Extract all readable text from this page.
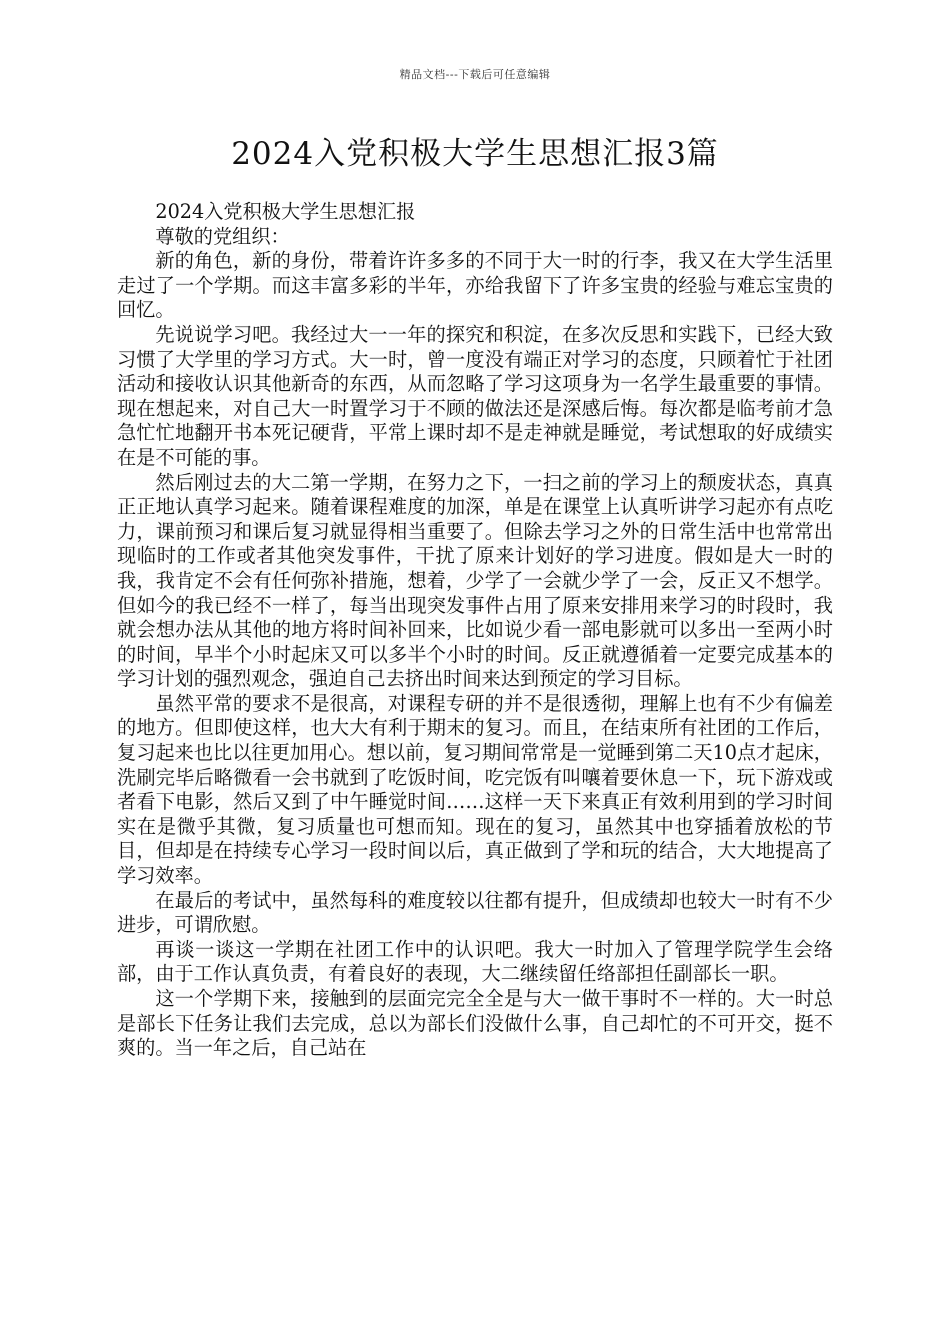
精品文档---下载后可任意编辑
2024入党积极大学生思想汇报3篇

2024入党积极大学生思想汇报

尊敬的党组织：

新的角色，新的身份，带着许许多多的不同于大一时的行李，我又在大学生活里走过了一个学期。而这丰富多彩的半年，亦给我留下了许多宝贵的经验与难忘宝贵的回忆。

先说说学习吧。我经过大一一年的探究和积淀，在多次反思和实践下，已经大致习惯了大学里的学习方式。大一时，曾一度没有端正对学习的态度，只顾着忙于社团活动和接收认识其他新奇的东西，从而忽略了学习这项身为一名学生最重要的事情。现在想起来，对自己大一时置学习于不顾的做法还是深感后悔。每次都是临考前才急急忙忙地翻开书本死记硬背，平常上课时却不是走神就是睡觉，考试想取的好成绩实在是不可能的事。

然后刚过去的大二第一学期，在努力之下，一扫之前的学习上的颓废状态，真真正正地认真学习起来。随着课程难度的加深，单是在课堂上认真听讲学习起亦有点吃力，课前预习和课后复习就显得相当重要了。但除去学习之外的日常生活中也常常出现临时的工作或者其他突发事件，干扰了原来计划好的学习进度。假如是大一时的我，我肯定不会有任何弥补措施，想着，少学了一会就少学了一会，反正又不想学。但如今的我已经不一样了，每当出现突发事件占用了原来安排用来学习的时段时，我就会想办法从其他的地方将时间补回来，比如说少看一部电影就可以多出一至两小时的时间，早半个小时起床又可以多半个小时的时间。反正就遵循着一定要完成基本的学习计划的强烈观念，强迫自己去挤出时间来达到预定的学习目标。

虽然平常的要求不是很高，对课程专研的并不是很透彻，理解上也有不少有偏差的地方。但即使这样，也大大有利于期末的复习。而且，在结束所有社团的工作后，复习起来也比以往更加用心。想以前，复习期间常常是一觉睡到第二天10点才起床，洗刷完毕后略微看一会书就到了吃饭时间，吃完饭有叫嚷着要休息一下，玩下游戏或者看下电影，然后又到了中午睡觉时间……这样一天下来真正有效利用到的学习时间实在是微乎其微，复习质量也可想而知。现在的复习，虽然其中也穿插着放松的节目，但却是在持续专心学习一段时间以后，真正做到了学和玩的结合，大大地提高了学习效率。

在最后的考试中，虽然每科的难度较以往都有提升，但成绩却也较大一时有不少进步，可谓欣慰。

再谈一谈这一学期在社团工作中的认识吧。我大一时加入了管理学院学生会络部，由于工作认真负责，有着良好的表现，大二继续留任络部担任副部长一职。

这一个学期下来，接触到的层面完完全全是与大一做干事时不一样的。大一时总是部长下任务让我们去完成，总以为部长们没做什么事，自己却忙的不可开交，挺不爽的。当一年之后，自己站在
